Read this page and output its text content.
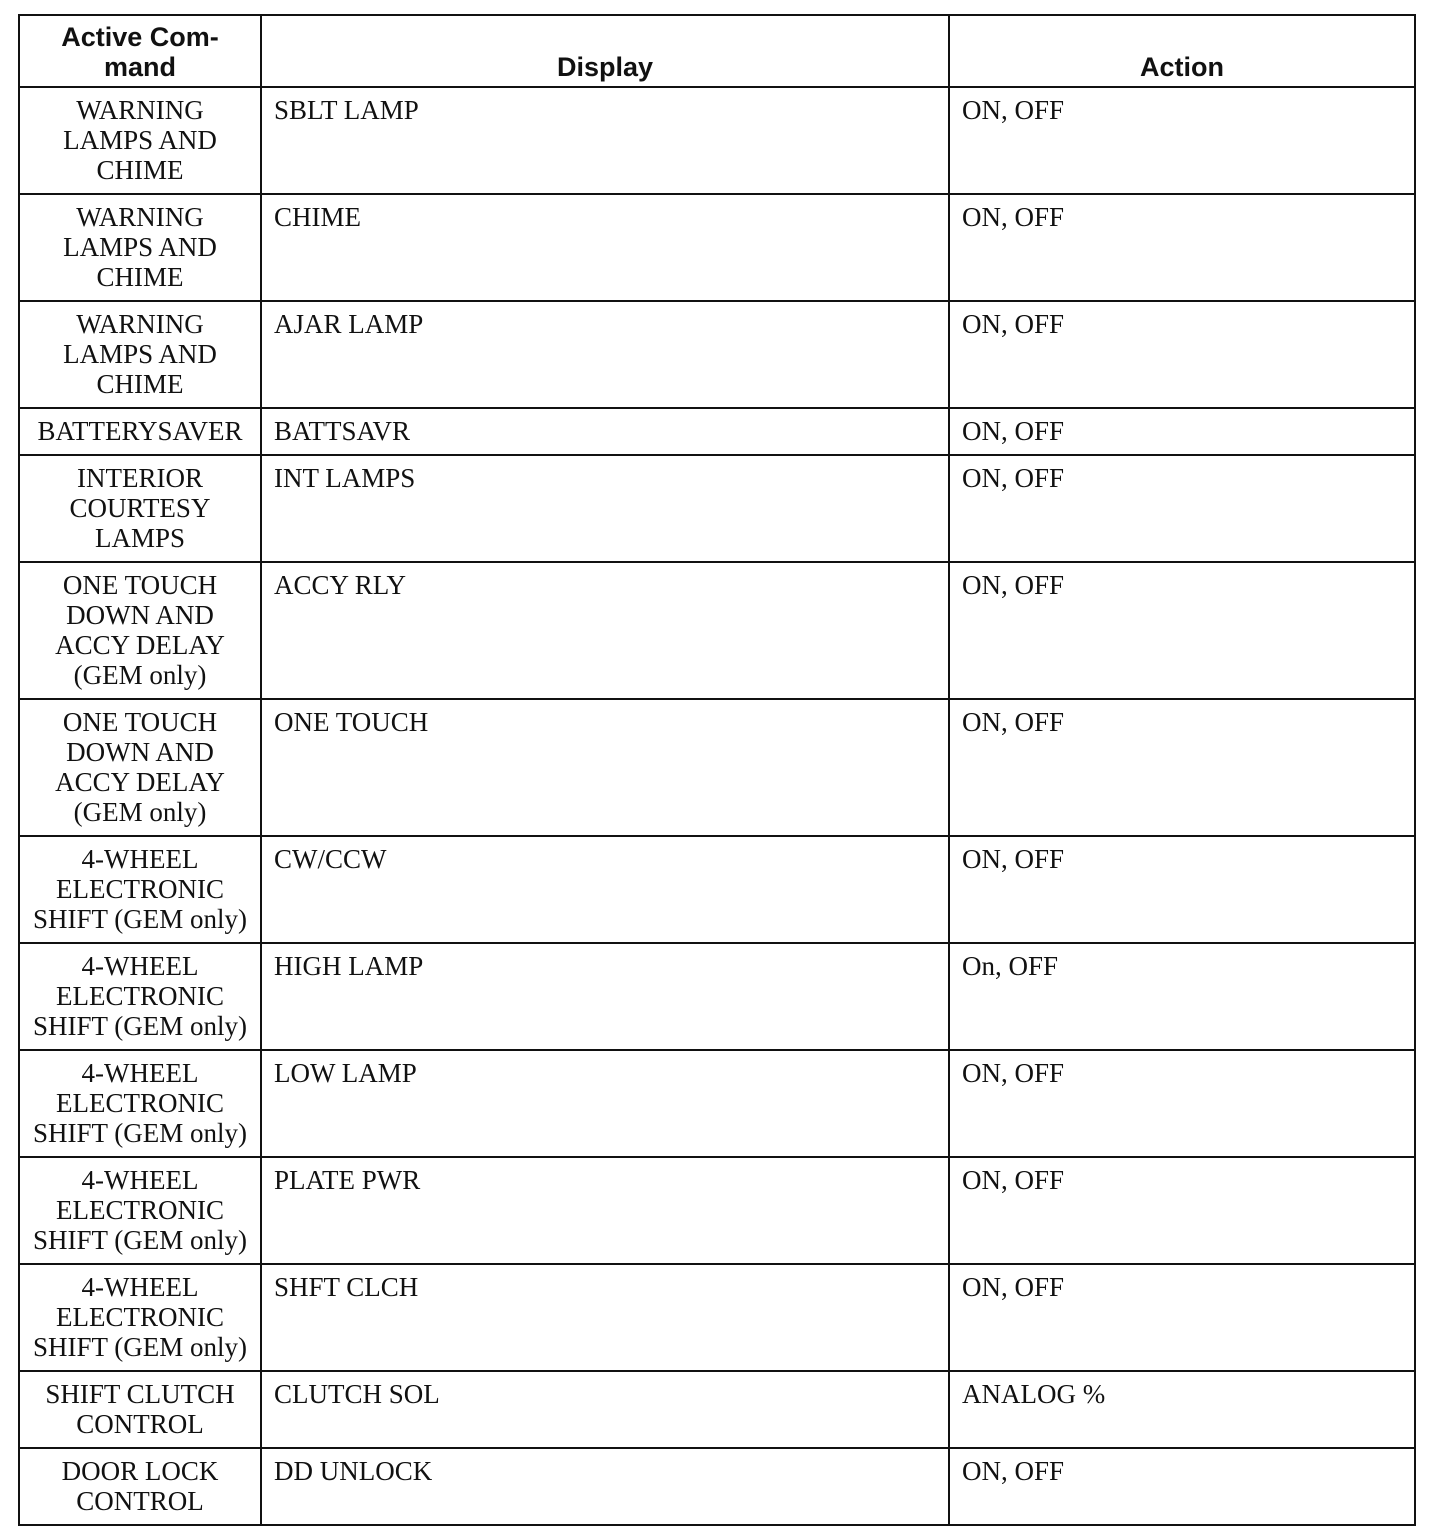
Active Com-
mand	Display	Action
WARNING
LAMPS AND
CHIME	SBLT LAMP	ON, OFF
WARNING
LAMPS AND
CHIME	CHIME	ON, OFF
WARNING
LAMPS AND
CHIME	AJAR LAMP	ON, OFF
BATTERYSAVER	BATTSAVR	ON, OFF
INTERIOR
COURTESY
LAMPS	INT LAMPS	ON, OFF
ONE TOUCH
DOWN AND
ACCY DELAY
(GEM only)	ACCY RLY	ON, OFF
ONE TOUCH
DOWN AND
ACCY DELAY
(GEM only)	ONE TOUCH	ON, OFF
4-WHEEL
ELECTRONIC
SHIFT (GEM only)	CW/CCW	ON, OFF
4-WHEEL
ELECTRONIC
SHIFT (GEM only)	HIGH LAMP	On, OFF
4-WHEEL
ELECTRONIC
SHIFT (GEM only)	LOW LAMP	ON, OFF
4-WHEEL
ELECTRONIC
SHIFT (GEM only)	PLATE PWR	ON, OFF
4-WHEEL
ELECTRONIC
SHIFT (GEM only)	SHFT CLCH	ON, OFF
SHIFT CLUTCH
CONTROL	CLUTCH SOL	ANALOG %
DOOR LOCK
CONTROL	DD UNLOCK	ON, OFF
